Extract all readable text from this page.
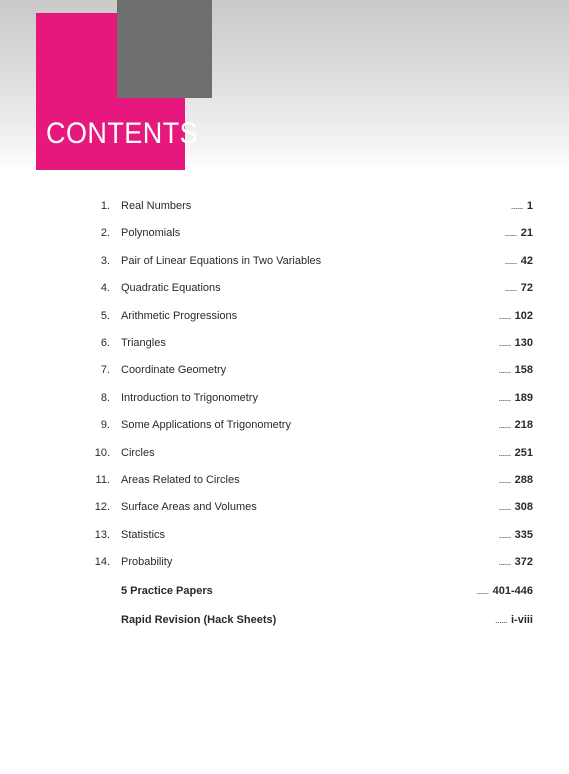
CONTENTS
1. Real Numbers	...... 1
2. Polynomials	...... 21
3. Pair of Linear Equations in Two Variables	...... 42
4. Quadratic Equations	...... 72
5. Arithmetic Progressions	...... 102
6. Triangles	...... 130
7. Coordinate Geometry	...... 158
8. Introduction to Trigonometry	...... 189
9. Some Applications of Trigonometry	...... 218
10. Circles	...... 251
11. Areas Related to Circles	...... 288
12. Surface Areas and Volumes	...... 308
13. Statistics	...... 335
14. Probability	...... 372
5 Practice Papers	...... 401-446
Rapid Revision (Hack Sheets)	...... i-viii
